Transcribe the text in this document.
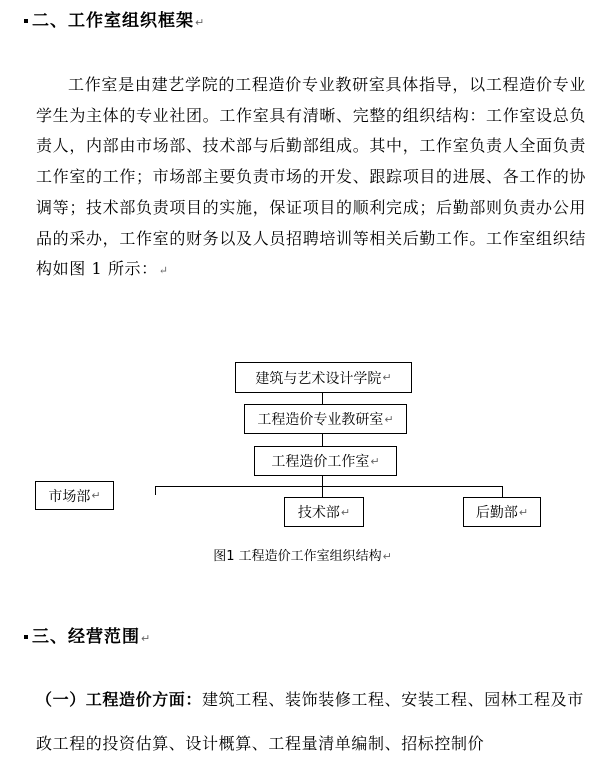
二、工作室组织框架↵

工作室是由建艺学院的工程造价专业教研室具体指导，以工程造价专业学生为主体的专业社团。工作室具有清晰、完整的组织结构：工作室设总负责人，内部由市场部、技术部与后勤部组成。其中，工作室负责人全面负责工作室的工作；市场部主要负责市场的开发、跟踪项目的进展、各工作的协调等；技术部负责项目的实施，保证项目的顺利完成；后勤部则负责办公用品的采办，工作室的财务以及人员招聘培训等相关后勤工作。工作室组织结构如图 1 所示：↵

建筑与艺术设计学院 ↵
工程造价专业教研室 ↵
工程造价工作室 ↵
市场部 ↵
技术部 ↵	后勤部 ↵
图1 工程造价工作室组织结构↵
三、经营范围↵

（一）工程造价方面：建筑工程、装饰装修工程、安装工程、园林工程及市政工程的投资估算、设计概算、工程量清单编制、招标控制价
